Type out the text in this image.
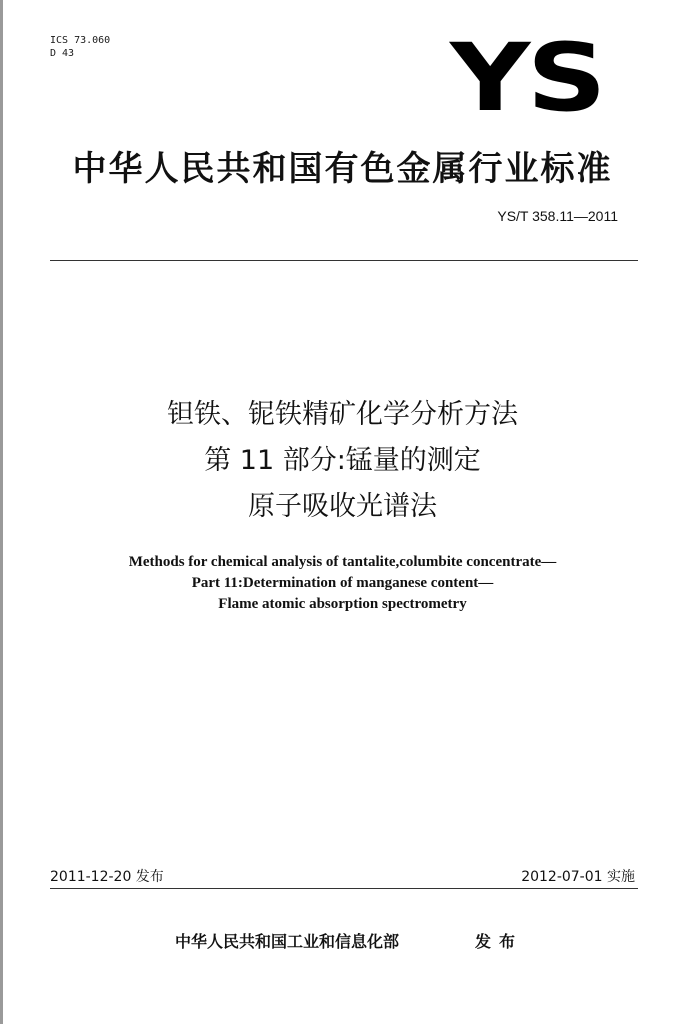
ICS 73.060
D 43	YS
中华人民共和国有色金属行业标准
YS/T 358.11—2011
钽铁、铌铁精矿化学分析方法
第 11 部分:锰量的测定
原子吸收光谱法
Methods for chemical analysis of tantalite,columbite concentrate—
Part 11:Determination of manganese content—
Flame atomic absorption spectrometry
2011-12-20 发布	2012-07-01 实施
中华人民共和国工业和信息化部	发布
